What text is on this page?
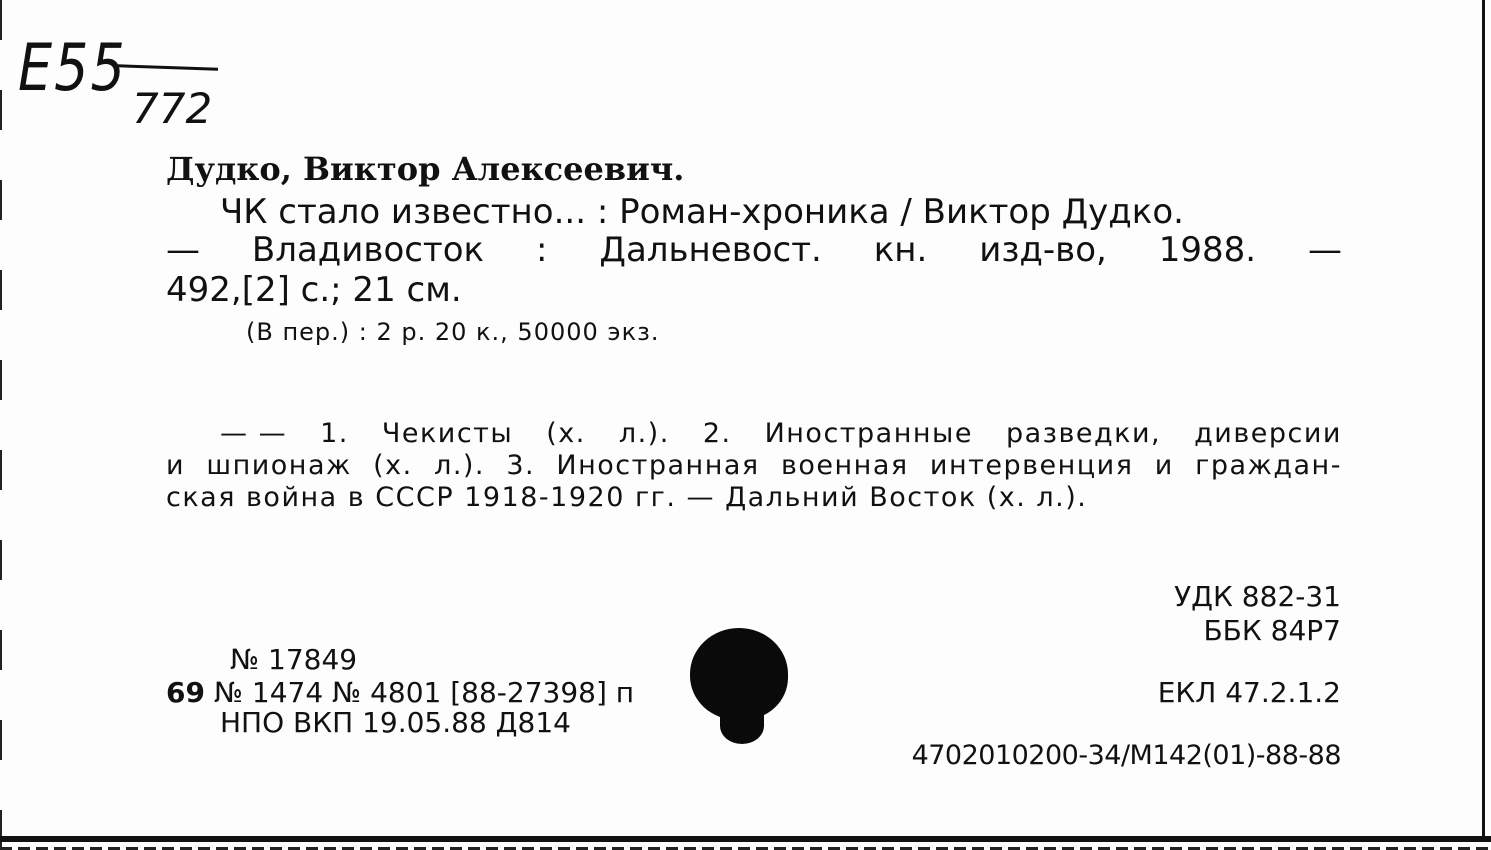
Е55
772
Дудко, Виктор Алексеевич.
ЧК стало известно... : Роман-хроника / Виктор Дудко.
— Владивосток : Дальневост. кн. изд-во, 1988. —
492,[2] с.; 21 см.
(В пер.) : 2 р. 20 к., 50000 экз.
— — 1. Чекисты (х. л.). 2. Иностранные разведки, диверсии
и шпионаж (х. л.). 3. Иностранная военная интервенция и граждан-
ская война в СССР 1918-1920 гг. — Дальний Восток (х. л.).
УДК 882-31
ББК 84Р7
ЕКЛ 47.2.1.2
4702010200-34/М142(01)-88-88
№ 17849
69 № 1474 № 4801 [88-27398] п
НПО ВКП 19.05.88 Д814
